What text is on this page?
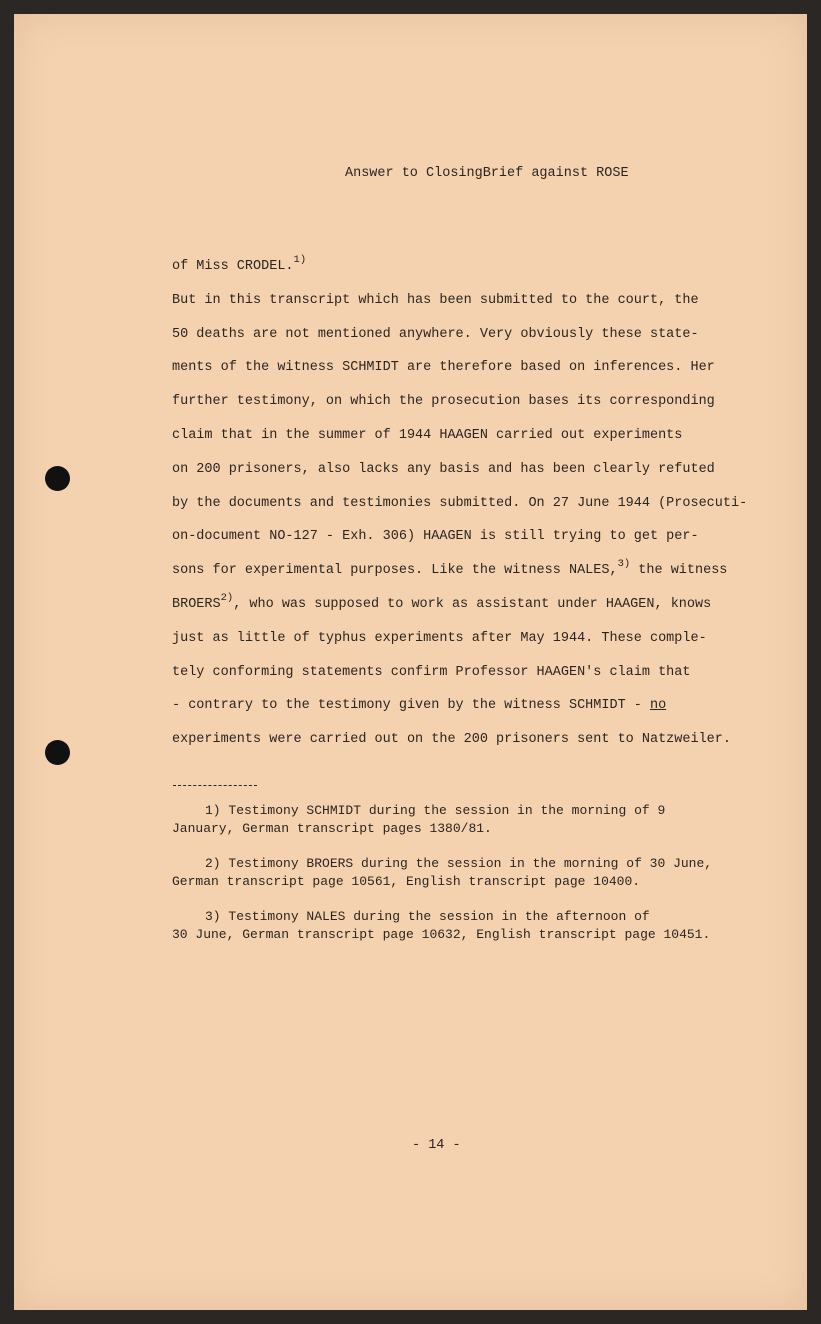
Answer to ClosingBrief against ROSE
of Miss CRODEL.$^{1)}$
But in this transcript which has been submitted to the court, the
50 deaths are not mentioned anywhere. Very obviously these state-
ments of the witness SCHMIDT are therefore based on inferences. Her
further testimony, on which the prosecution bases its corresponding
claim that in the summer of 1944 HAAGEN carried out experiments
on 200 prisoners, also lacks any basis and has been clearly refuted
by the documents and testimonies submitted. On 27 June 1944 (Prosecuti-
on-document NO-127 - Exh. 306) HAAGEN is still trying to get per-
sons for experimental purposes. Like the witness NALES,$^{3)}$ the witness
BROERS$^{2)}$, who was supposed to work as assistant under HAAGEN, knows
just as little of typhus experiments after May 1944. These comple-
tely conforming statements confirm Professor HAAGEN's claim that
- contrary to the testimony given by the witness SCHMIDT - no
experiments were carried out on the 200 prisoners sent to Natzweiler.
1) Testimony SCHMIDT during the session in the morning of 9
January, German transcript pages 1380/81.
2) Testimony BROERS during the session in the morning of 30 June,
German transcript page 10561, English transcript page 10400.
3) Testimony NALES during the session in the afternoon of
30 June, German transcript page 10632, English transcript page 10451.
- 14 -
